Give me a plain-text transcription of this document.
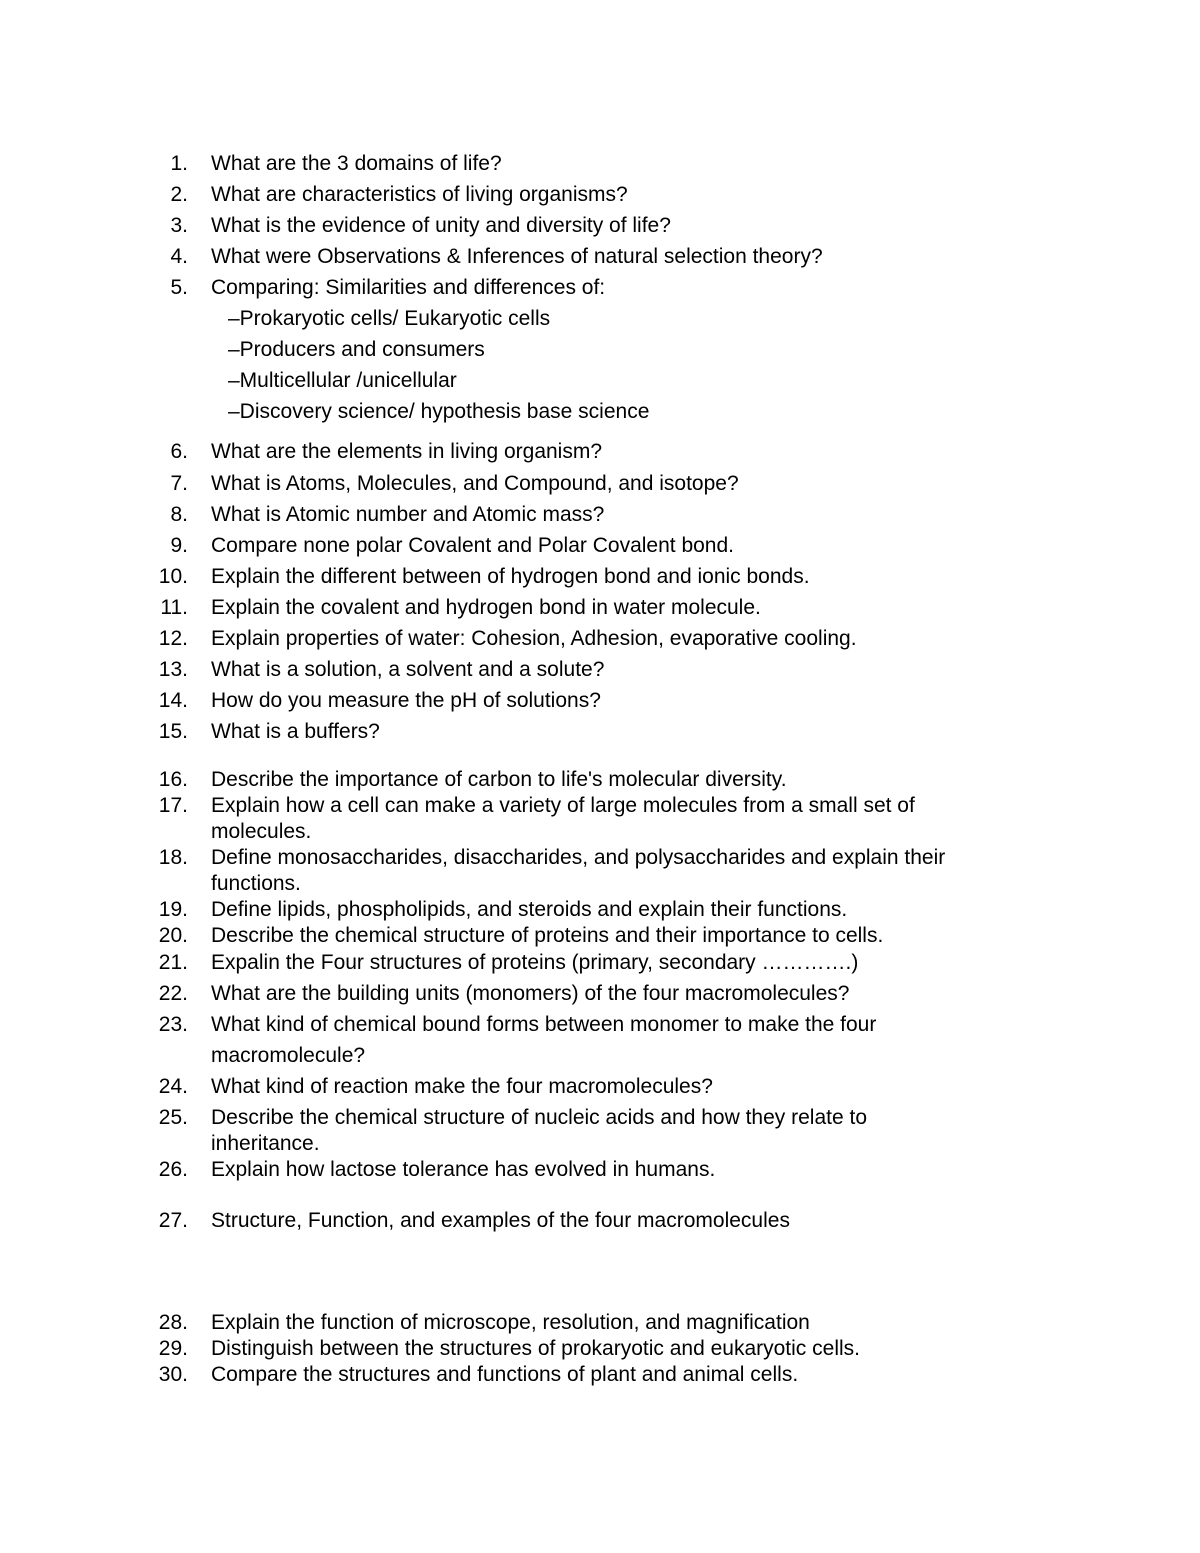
1. What are the 3 domains of life?
2. What are characteristics of living organisms?
3. What is the evidence of unity and diversity of life?
4. What were Observations & Inferences of natural selection theory?
5. Comparing: Similarities and differences of:
–Prokaryotic cells/ Eukaryotic cells
–Producers and consumers
–Multicellular /unicellular
–Discovery science/ hypothesis base science
6. What are the elements in living organism?
7. What is Atoms, Molecules, and Compound, and isotope?
8. What is Atomic number and Atomic mass?
9. Compare none polar Covalent and Polar Covalent bond.
10. Explain the different between of hydrogen bond and ionic bonds.
11. Explain the covalent and hydrogen bond in water molecule.
12. Explain properties of water: Cohesion, Adhesion, evaporative cooling.
13. What is a solution, a solvent and a solute?
14. How do you measure the pH of solutions?
15. What is a buffers?
16. Describe the importance of carbon to life's molecular diversity.
17. Explain how a cell can make a variety of large molecules from a small set of
molecules.
18. Define monosaccharides, disaccharides, and polysaccharides and explain their
functions.
19. Define lipids, phospholipids, and steroids and explain their functions.
20. Describe the chemical structure of proteins and their importance to cells.
21. Expalin the Four structures of proteins (primary, secondary ………….)
22. What are the building units (monomers) of the four macromolecules?
23. What kind of chemical bound forms between monomer to make the four
macromolecule?
24. What kind of reaction make the four macromolecules?
25. Describe the chemical structure of nucleic acids and how they relate to
inheritance.
26. Explain how lactose tolerance has evolved in humans.
27. Structure, Function, and examples of the four macromolecules
28. Explain the function of microscope, resolution, and magnification
29. Distinguish between the structures of prokaryotic and eukaryotic cells.
30. Compare the structures and functions of plant and animal cells.
